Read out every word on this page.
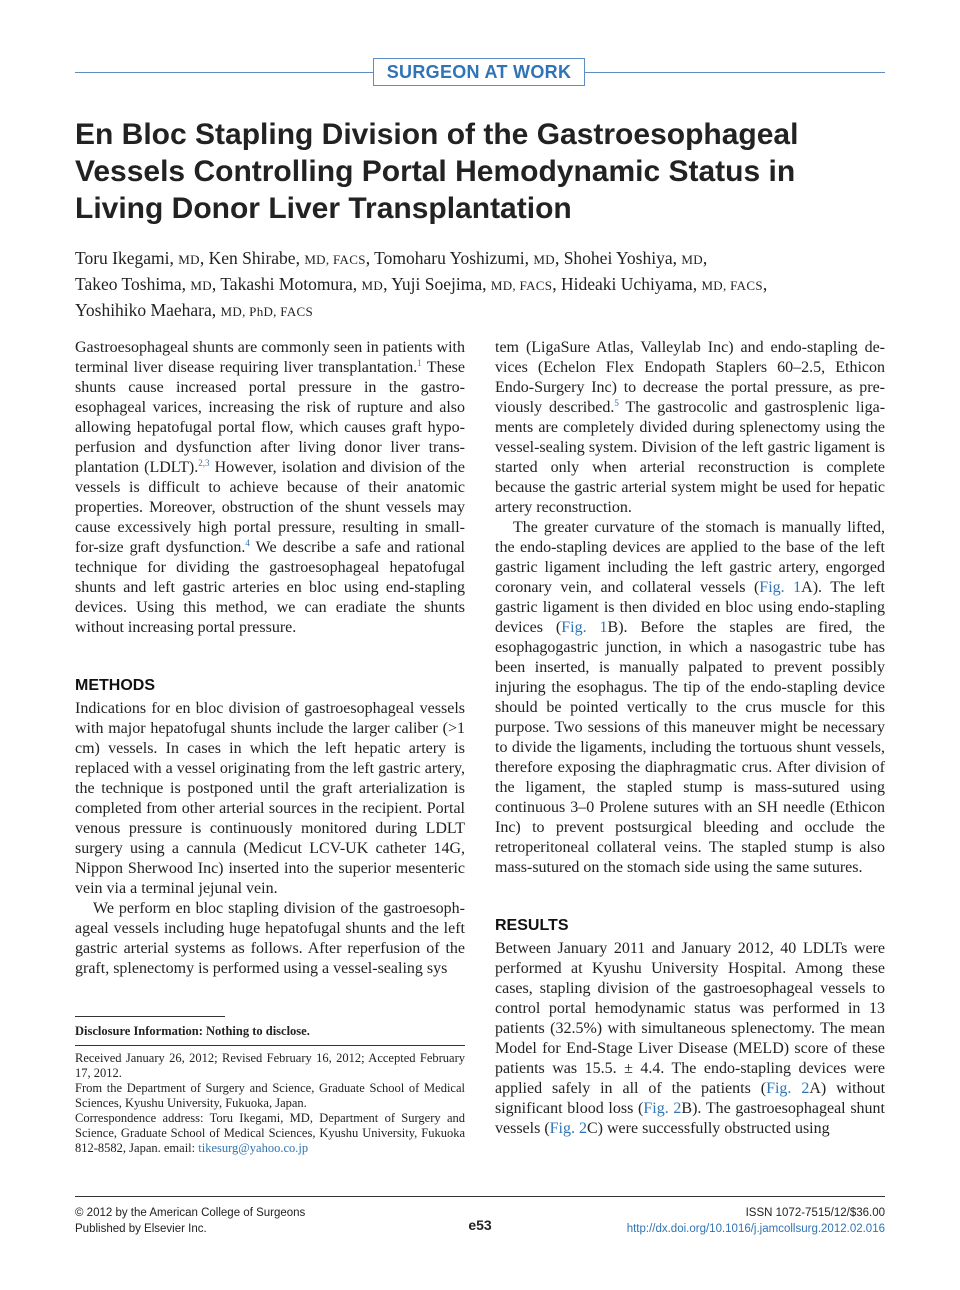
SURGEON AT WORK
En Bloc Stapling Division of the Gastroesophageal Vessels Controlling Portal Hemodynamic Status in Living Donor Liver Transplantation
Toru Ikegami, MD, Ken Shirabe, MD, FACS, Tomoharu Yoshizumi, MD, Shohei Yoshiya, MD,
Takeo Toshima, MD, Takashi Motomura, MD, Yuji Soejima, MD, FACS, Hideaki Uchiyama, MD, FACS,
Yoshihiko Maehara, MD, PhD, FACS

Gastroesophageal shunts are commonly seen in patients with terminal liver disease requiring liver transplantation.$^1$ These shunts cause increased portal pressure in the gastroesophageal varices, increasing the risk of rupture and also allowing hepatofugal portal flow, which causes graft hypoperfusion and dysfunction after living donor liver transplantation (LDLT).$^{2,3}$ However, isolation and division of the vessels is difficult to achieve because of their anatomic properties. Moreover, obstruction of the shunt vessels may cause excessively high portal pressure, resulting in small-for-size graft dysfunction.$^4$ We describe a safe and rational technique for dividing the gastroesophageal hepatofugal shunts and left gastric arteries en bloc using end-stapling devices. Using this method, we can eradiate the shunts without increasing portal pressure.

METHODS

Indications for en bloc division of gastroesophageal vessels with major hepatofugal shunts include the larger caliber (>1 cm) vessels. In cases in which the left hepatic artery is replaced with a vessel originating from the left gastric artery, the technique is postponed until the graft arterialization is completed from other arterial sources in the recipient. Portal venous pressure is continuously monitored during LDLT surgery using a cannula (Medicut LCV-UK catheter 14G, Nippon Sherwood Inc) inserted into the superior mesenteric vein via a terminal jejunal vein.

We perform en bloc stapling division of the gastroesophageal vessels including huge hepatofugal shunts and the left gastric arterial systems as follows. After reperfusion of the graft, splenectomy is performed using a vessel-sealing sys

tem (LigaSure Atlas, Valleylab Inc) and endo-stapling devices (Echelon Flex Endopath Staplers 60–2.5, Ethicon Endo-Surgery Inc) to decrease the portal pressure, as previously described.$^5$ The gastrocolic and gastrosplenic ligaments are completely divided during splenectomy using the vessel-sealing system. Division of the left gastric ligament is started only when arterial reconstruction is complete because the gastric arterial system might be used for hepatic artery reconstruction.

The greater curvature of the stomach is manually lifted, the endo-stapling devices are applied to the base of the left gastric ligament including the left gastric artery, engorged coronary vein, and collateral vessels (Fig. 1A). The left gastric ligament is then divided en bloc using endo-stapling devices (Fig. 1B). Before the staples are fired, the esophagogastric junction, in which a nasogastric tube has been inserted, is manually palpated to prevent possibly injuring the esophagus. The tip of the endo-stapling device should be pointed vertically to the crus muscle for this purpose. Two sessions of this maneuver might be necessary to divide the ligaments, including the tortuous shunt vessels, therefore exposing the diaphragmatic crus. After division of the ligament, the stapled stump is mass-sutured using continuous 3–0 Prolene sutures with an SH needle (Ethicon Inc) to prevent postsurgical bleeding and occlude the retroperitoneal collateral veins. The stapled stump is also mass-sutured on the stomach side using the same sutures.

RESULTS

Between January 2011 and January 2012, 40 LDLTs were performed at Kyushu University Hospital. Among these cases, stapling division of the gastroesophageal vessels to control portal hemodynamic status was performed in 13 patients (32.5%) with simultaneous splenectomy. The mean Model for End-Stage Liver Disease (MELD) score of these patients was 15.5. ± 4.4. The endo-stapling devices were applied safely in all of the patients (Fig. 2A) without significant blood loss (Fig. 2B). The gastroesophageal shunt vessels (Fig. 2C) were successfully obstructed using

Disclosure Information: Nothing to disclose.

Received January 26, 2012; Revised February 16, 2012; Accepted February 17, 2012.

From the Department of Surgery and Science, Graduate School of Medical Sciences, Kyushu University, Fukuoka, Japan.

Correspondence address: Toru Ikegami, MD, Department of Surgery and Science, Graduate School of Medical Sciences, Kyushu University, Fukuoka 812-8582, Japan. email: tikesurg@yahoo.co.jp

© 2012 by the American College of Surgeons
Published by Elsevier Inc.	e53
ISSN 1072-7515/12/$36.00
http://dx.doi.org/10.1016/j.jamcollsurg.2012.02.016
